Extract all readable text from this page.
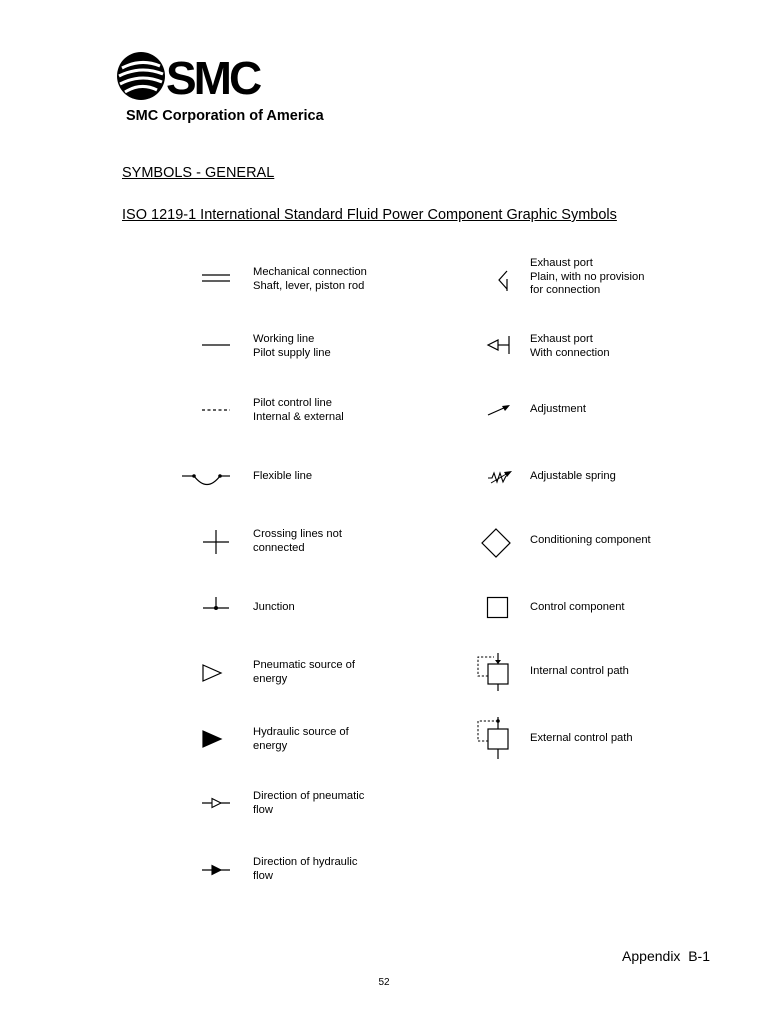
SMC
SMC Corporation of America
SYMBOLS - GENERAL
ISO 1219-1 International Standard Fluid Power Component Graphic Symbols
Mechanical connection
Shaft, lever, piston rod
Working line
Pilot supply line
Pilot control line
Internal & external
Flexible line
Crossing lines not
connected
Junction
Pneumatic source of
energy
Hydraulic source of
energy
Direction of pneumatic
flow
Direction of hydraulic
flow
Exhaust port
Plain, with no provision
for connection
Exhaust port
With connection
Adjustment
Adjustable spring
Conditioning component
Control component
Internal control path
External control path
Appendix  B-1
52
